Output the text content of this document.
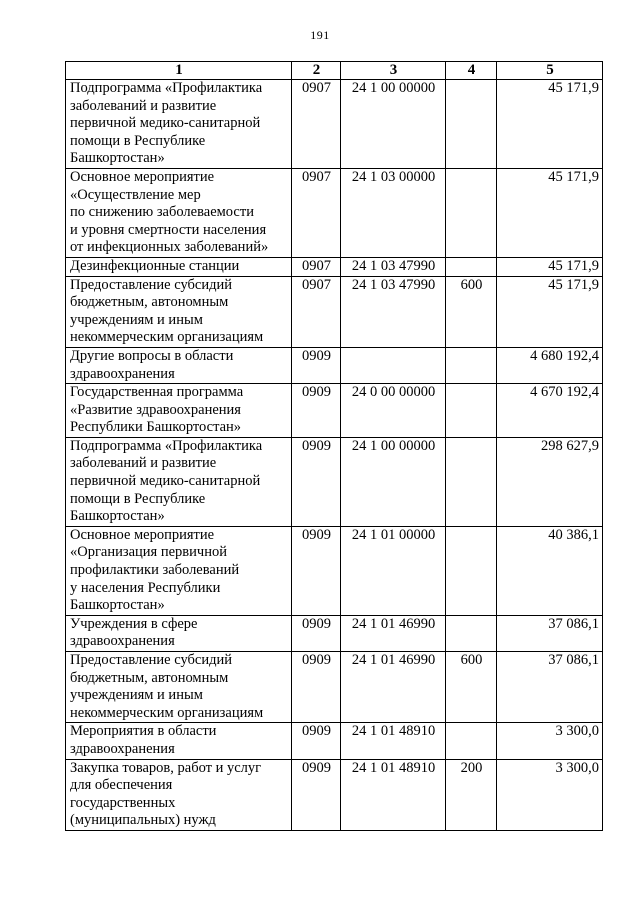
191
1	2	3	4	5
Подпрограмма «Профилактика
заболеваний и развитие
первичной медико-санитарной
помощи в Республике
Башкортостан»	0907	24 1 00 00000		45 171,9
Основное мероприятие
«Осуществление мер
по снижению заболеваемости
и уровня смертности населения
от инфекционных заболеваний»	0907	24 1 03 00000		45 171,9
Дезинфекционные станции	0907	24 1 03 47990		45 171,9
Предоставление субсидий
бюджетным, автономным
учреждениям и иным
некоммерческим организациям	0907	24 1 03 47990	600	45 171,9
Другие вопросы в области
здравоохранения	0909			4 680 192,4
Государственная программа
«Развитие здравоохранения
Республики Башкортостан»	0909	24 0 00 00000		4 670 192,4
Подпрограмма «Профилактика
заболеваний и развитие
первичной медико-санитарной
помощи в Республике
Башкортостан»	0909	24 1 00 00000		298 627,9
Основное мероприятие
«Организация первичной
профилактики заболеваний
у населения Республики
Башкортостан»	0909	24 1 01 00000		40 386,1
Учреждения в сфере
здравоохранения	0909	24 1 01 46990		37 086,1
Предоставление субсидий
бюджетным, автономным
учреждениям и иным
некоммерческим организациям	0909	24 1 01 46990	600	37 086,1
Мероприятия в области
здравоохранения	0909	24 1 01 48910		3 300,0
Закупка товаров, работ и услуг
для обеспечения
государственных
(муниципальных) нужд	0909	24 1 01 48910	200	3 300,0
